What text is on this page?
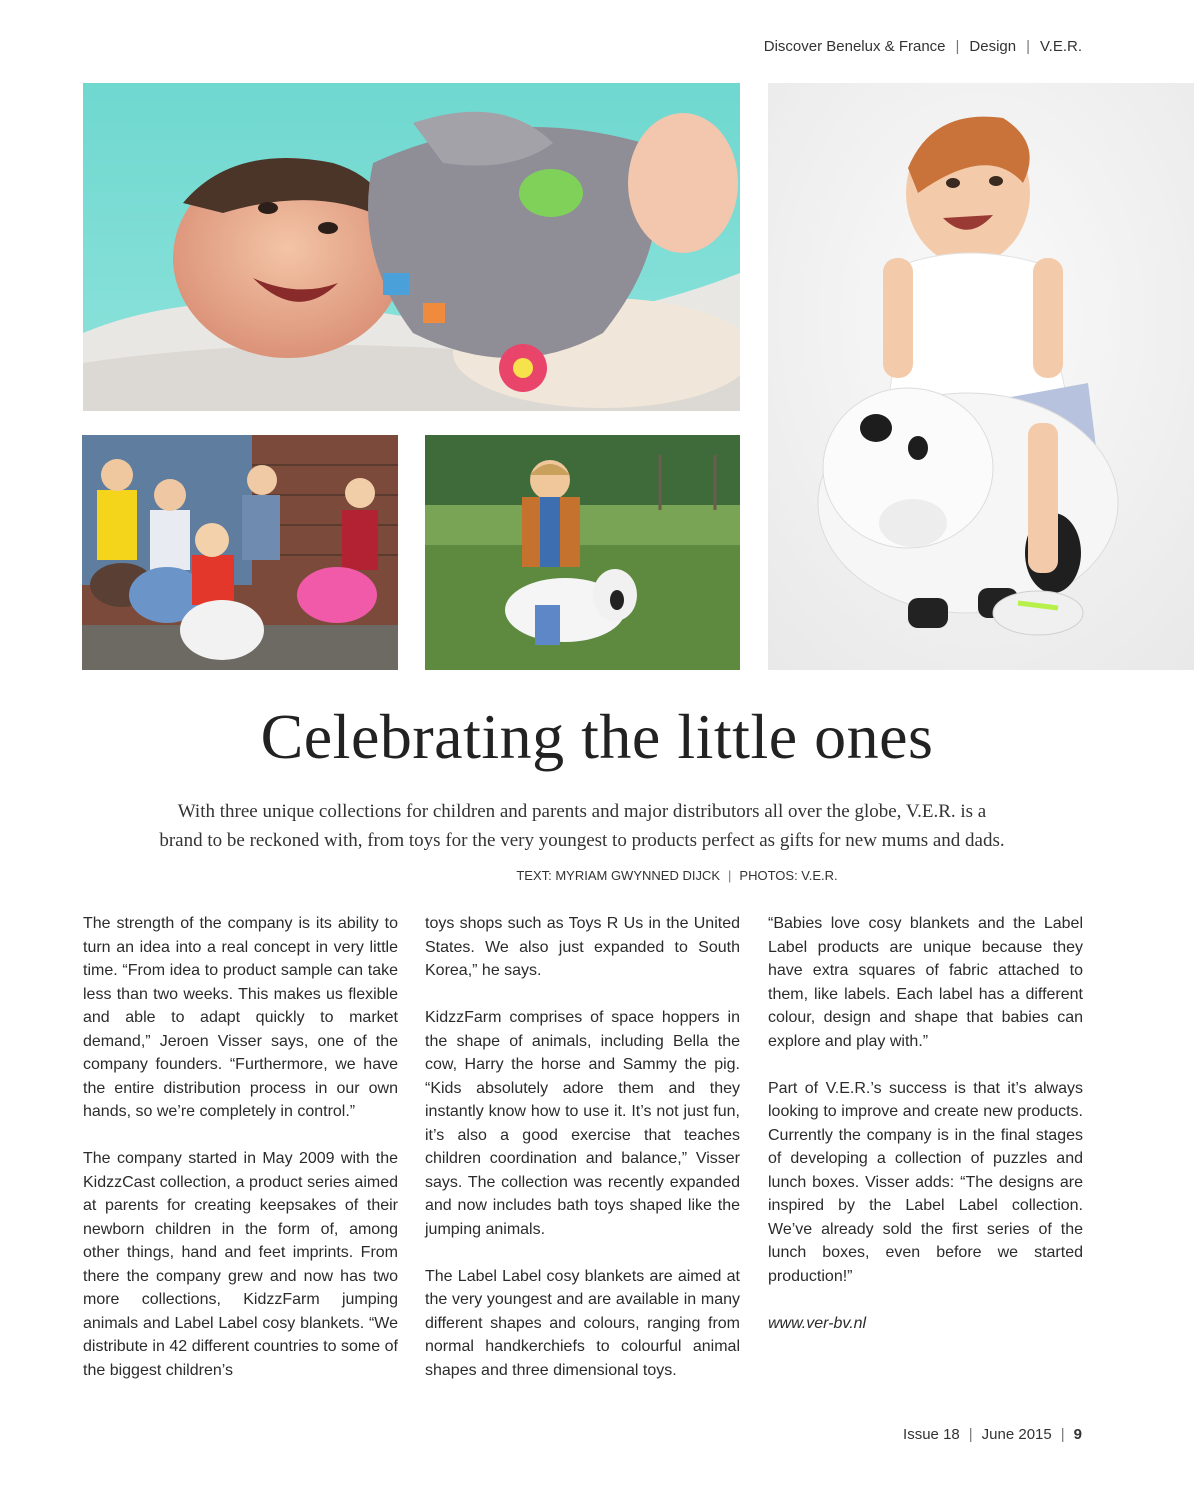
Discover Benelux & France | Design | V.E.R.
Celebrating the little ones
With three unique collections for children and parents and major distributors all over the globe, V.E.R. is a
brand to be reckoned with, from toys for the very youngest to products perfect as gifts for new mums and dads.
TEXT: MYRIAM GWYNNED DIJCK | PHOTOS: V.E.R.

The strength of the company is its ability to turn an idea into a real concept in very little time. “From idea to product sample can take less than two weeks. This makes us flexible and able to adapt quickly to market demand,” Jeroen Visser says, one of the company founders. “Furthermore, we have the entire distribution process in our own hands, so we’re completely in control.”

The company started in May 2009 with the KidzzCast collection, a product series aimed at parents for creating keepsakes of their newborn children in the form of, among other things, hand and feet imprints. From there the company grew and now has two more collections, KidzzFarm jumping animals and Label Label cosy blankets. “We distribute in 42 different countries to some of the biggest children’s

toys shops such as Toys R Us in the United States. We also just expanded to South Korea,” he says.

KidzzFarm comprises of space hoppers in the shape of animals, including Bella the cow, Harry the horse and Sammy the pig. “Kids absolutely adore them and they instantly know how to use it. It’s not just fun, it’s also a good exercise that teaches children coordination and balance,” Visser says. The collection was recently expanded and now includes bath toys shaped like the jumping animals.

The Label Label cosy blankets are aimed at the very youngest and are available in many different shapes and colours, ranging from normal handkerchiefs to colourful animal shapes and three dimensional toys.

“Babies love cosy blankets and the Label Label products are unique because they have extra squares of fabric attached to them, like labels. Each label has a different colour, design and shape that babies can explore and play with.”

Part of V.E.R.’s success is that it’s always looking to improve and create new products. Currently the company is in the final stages of developing a collection of puzzles and lunch boxes. Visser adds: “The designs are inspired by the Label Label collection. We’ve already sold the first series of the lunch boxes, even before we started production!”

www.ver-bv.nl

Issue 18 | June 2015 | 9
